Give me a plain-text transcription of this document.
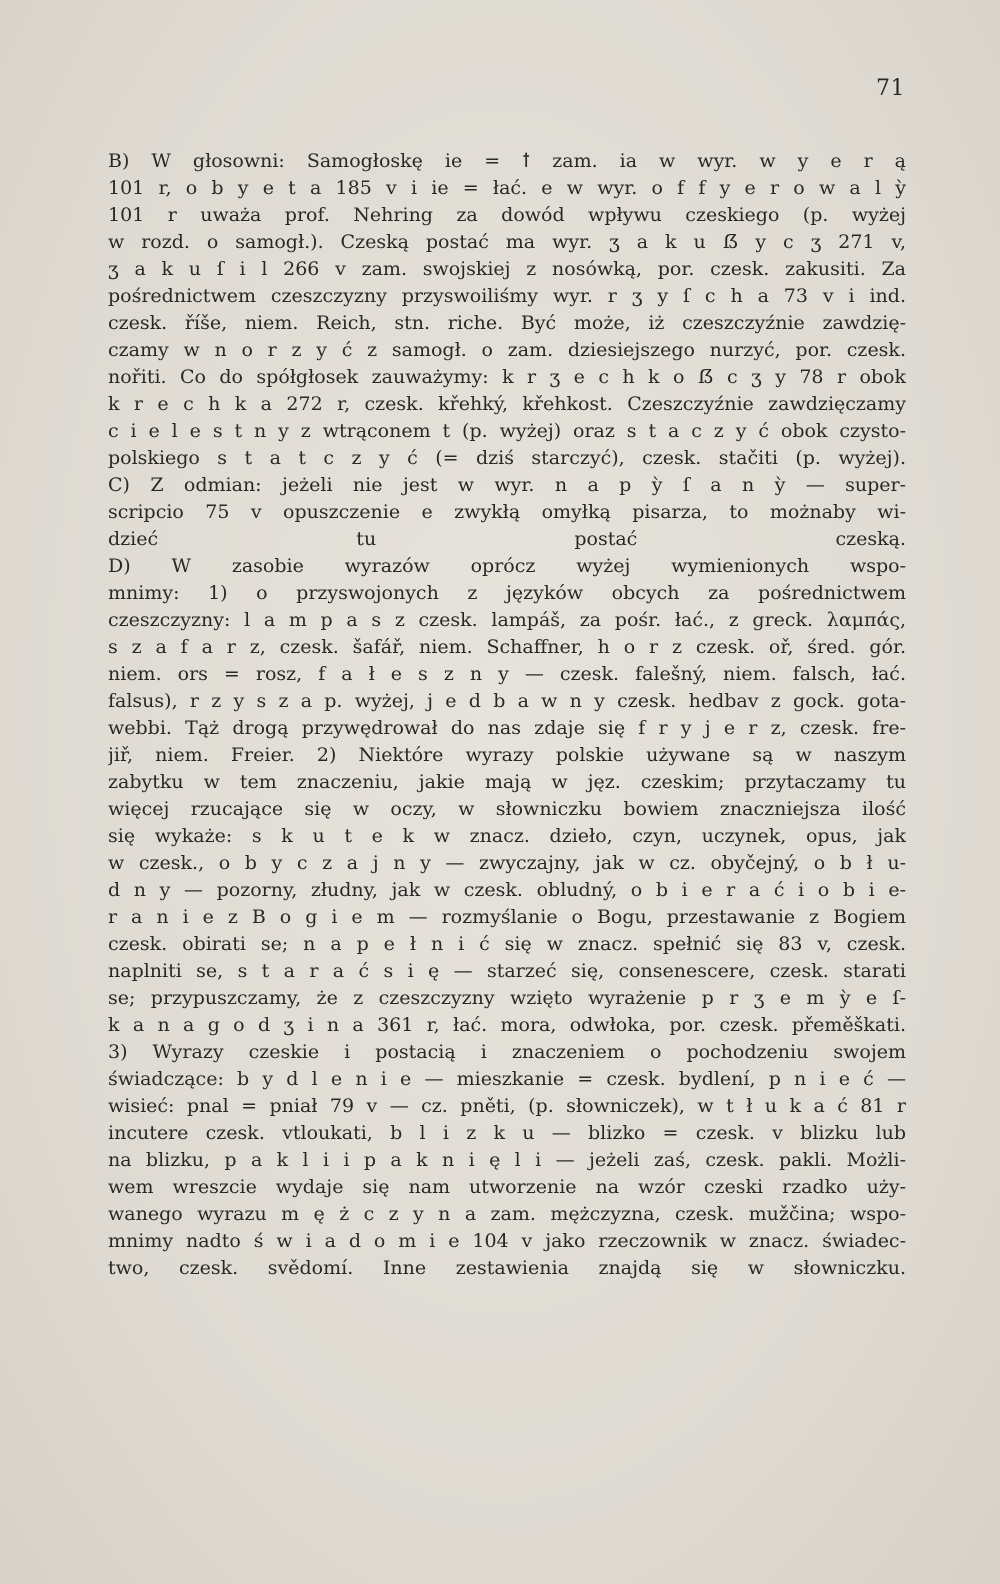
71
B) W głosowni: Samogłoskę ie = ꝉ zam. ia w wyr. w y e r ą
101 r, o b y e t a 185 v i ie = łać. e w wyr. o f f y e r o w a l ỳ
101 r uważa prof. Nehring za dowód wpływu czeskiego (p. wyżej
w rozd. o samogł.). Czeską postać ma wyr. ʒ a k u ẞ y c ʒ 271 v,
ʒ a k u ſ i l 266 v zam. swojskiej z nosówką, por. czesk. zakusiti. Za
pośrednictwem czeszczyzny przyswoiliśmy wyr. r ʒ y ſ c h a 73 v i ind.
czesk. říše, niem. Reich, stn. riche. Być może, iż czeszczyźnie zawdzię-
czamy w n o r z y ć z samogł. o zam. dziesiejszego nurzyć, por. czesk.
nořiti. Co do spółgłosek zauważymy: k r ʒ e c h k o ẞ c ʒ y 78 r obok
k r e c h k a 272 r, czesk. křehký, křehkost. Czeszczyźnie zawdzięczamy
c i e l e s t n y z wtrąconem t (p. wyżej) oraz s t a c z y ć obok czysto-
polskiego s t a t c z y ć (= dziś starczyć), czesk. stačiti (p. wyżej).
C) Z odmian: jeżeli nie jest w wyr. n a p ỳ ſ a n ỳ — super-
scripcio 75 v opuszczenie e zwykłą omyłką pisarza, to możnaby wi-
dzieć tu postać czeską.
D) W zasobie wyrazów oprócz wyżej wymienionych wspo-
mnimy: 1) o przyswojonych z języków obcych za pośrednictwem
czeszczyzny: l a m p a s z czesk. lampáš, za pośr. łać., z greck. λαμπάς,
s z a f a r z, czesk. šafář, niem. Schaffner, h o r z czesk. oř, śred. gór.
niem. ors = rosz, f a ł e s z n y — czesk. falešný, niem. falsch, łać.
falsus), r z y s z a p. wyżej, j e d b a w n y czesk. hedbav z gock. gota-
webbi. Tąż drogą przywędrował do nas zdaje się f r y j e r z, czesk. fre-
jiř, niem. Freier. 2) Niektóre wyrazy polskie używane są w naszym
zabytku w tem znaczeniu, jakie mają w jęz. czeskim; przytaczamy tu
więcej rzucające się w oczy, w słowniczku bowiem znaczniejsza ilość
się wykaże: s k u t e k w znacz. dzieło, czyn, uczynek, opus, jak
w czesk., o b y c z a j n y — zwyczajny, jak w cz. obyčejný, o b ł u-
d n y — pozorny, złudny, jak w czesk. obludný, o b i e r a ć i o b i e-
r a n i e z B o g i e m — rozmyślanie o Bogu, przestawanie z Bogiem
czesk. obirati se; n a p e ł n i ć się w znacz. spełnić się 83 v, czesk.
naplniti se, s t a r a ć s i ę — starzeć się, consenescere, czesk. starati
se; przypuszczamy, że z czeszczyzny wzięto wyrażenie p r ʒ e m ỳ e ſ-
k a n a g o d ʒ i n a 361 r, łać. mora, odwłoka, por. czesk. přeměškati.
3) Wyrazy czeskie i postacią i znaczeniem o pochodzeniu swojem
świadczące: b y d l e n i e — mieszkanie = czesk. bydlení, p n i e ć —
wisieć: pnal = pniał 79 v — cz. pněti, (p. słowniczek), w t ł u k a ć 81 r
incutere czesk. vtloukati, b l i z k u — blizko = czesk. v blizku lub
na blizku, p a k l i i p a k n i ę l i — jeżeli zaś, czesk. pakli. Możli-
wem wreszcie wydaje się nam utworzenie na wzór czeski rzadko uży-
wanego wyrazu m ę ż c z y n a zam. mężczyzna, czesk. mužčina; wspo-
mnimy nadto ś w i a d o m i e 104 v jako rzeczownik w znacz. świadec-
two, czesk. svědomí. Inne zestawienia znajdą się w słowniczku.
